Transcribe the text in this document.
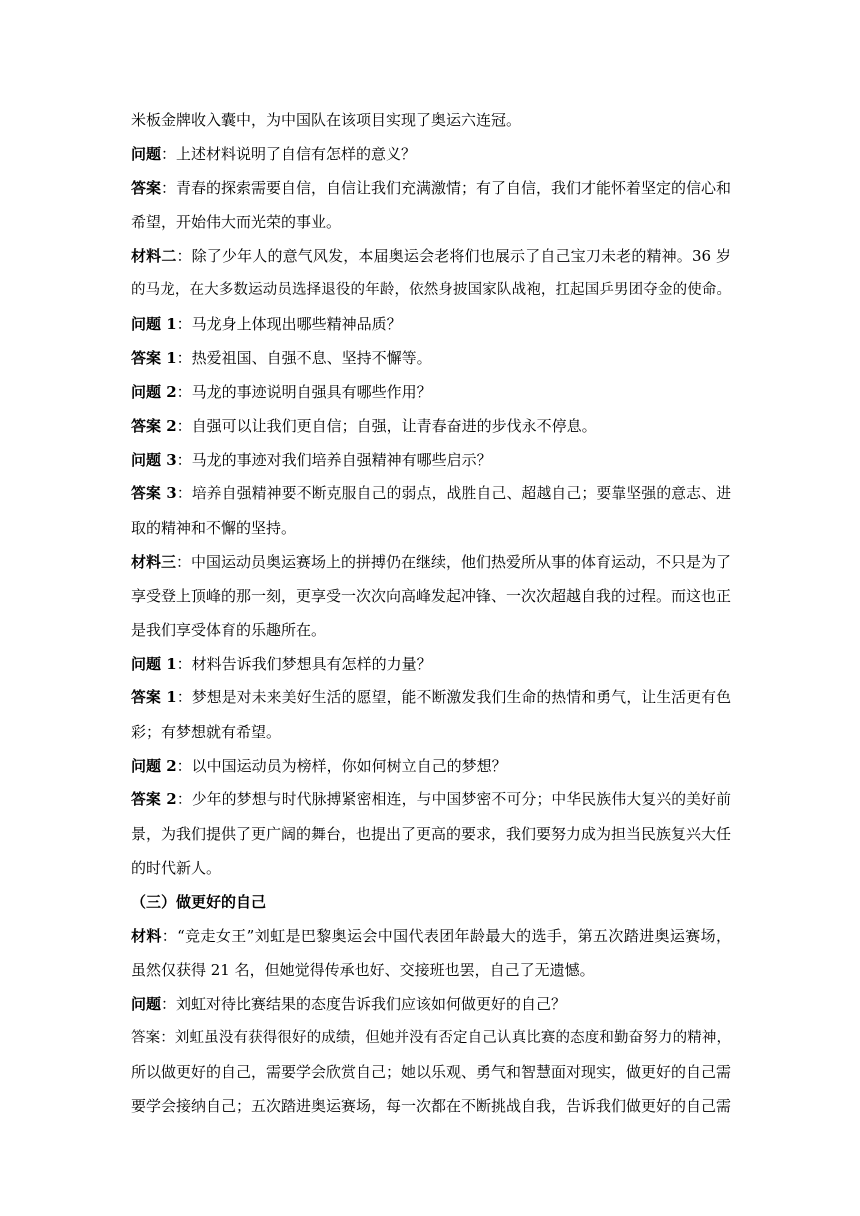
米板金牌收入囊中，为中国队在该项目实现了奥运六连冠。
问题：上述材料说明了自信有怎样的意义？
答案：青春的探索需要自信，自信让我们充满激情；有了自信，我们才能怀着坚定的信心和
希望，开始伟大而光荣的事业。
材料二：除了少年人的意气风发，本届奥运会老将们也展示了自己宝刀未老的精神。36 岁
的马龙，在大多数运动员选择退役的年龄，依然身披国家队战袍，扛起国乒男团夺金的使命。
问题 1：马龙身上体现出哪些精神品质？
答案 1：热爱祖国、自强不息、坚持不懈等。
问题 2：马龙的事迹说明自强具有哪些作用？
答案 2：自强可以让我们更自信；自强，让青春奋进的步伐永不停息。
问题 3：马龙的事迹对我们培养自强精神有哪些启示？
答案 3：培养自强精神要不断克服自己的弱点，战胜自己、超越自己；要靠坚强的意志、进
取的精神和不懈的坚持。
材料三：中国运动员奥运赛场上的拼搏仍在继续，他们热爱所从事的体育运动，不只是为了
享受登上顶峰的那一刻，更享受一次次向高峰发起冲锋、一次次超越自我的过程。而这也正
是我们享受体育的乐趣所在。
问题 1：材料告诉我们梦想具有怎样的力量？
答案 1：梦想是对未来美好生活的愿望，能不断激发我们生命的热情和勇气，让生活更有色
彩；有梦想就有希望。
问题 2：以中国运动员为榜样，你如何树立自己的梦想？
答案 2：少年的梦想与时代脉搏紧密相连，与中国梦密不可分；中华民族伟大复兴的美好前
景，为我们提供了更广阔的舞台，也提出了更高的要求，我们要努力成为担当民族复兴大任
的时代新人。
（三）做更好的自己
材料：“竞走女王”刘虹是巴黎奥运会中国代表团年龄最大的选手，第五次踏进奥运赛场，
虽然仅获得 21 名，但她觉得传承也好、交接班也罢，自己了无遗憾。
问题：刘虹对待比赛结果的态度告诉我们应该如何做更好的自己？
答案：刘虹虽没有获得很好的成绩，但她并没有否定自己认真比赛的态度和勤奋努力的精神，
所以做更好的自己，需要学会欣赏自己；她以乐观、勇气和智慧面对现实，做更好的自己需
要学会接纳自己；五次踏进奥运赛场，每一次都在不断挑战自我，告诉我们做更好的自己需
